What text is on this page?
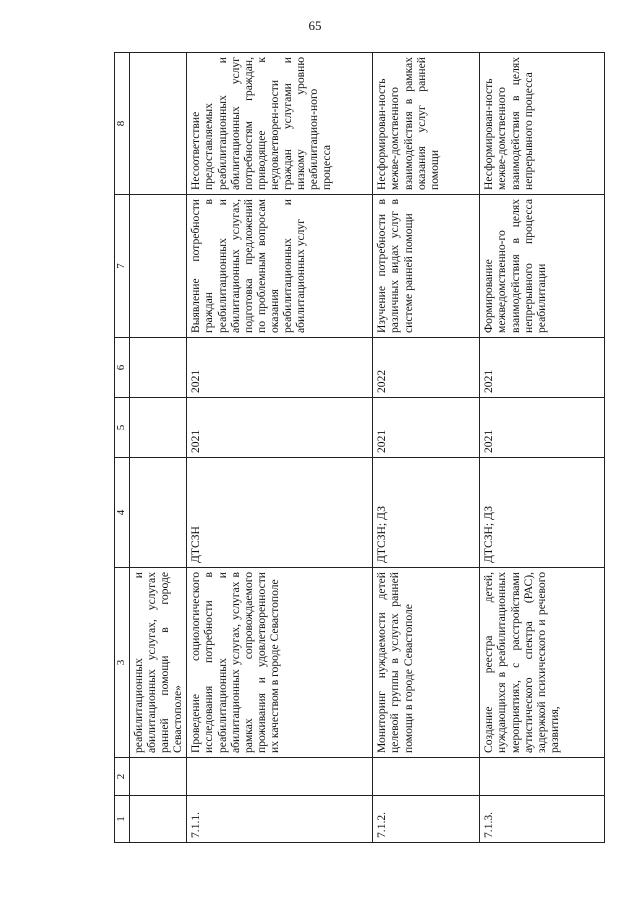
65
1	2	3	4	5	6	7	8
		реабилитационных и абилитационных услугах, услугах ранней помощи в городе Севастополе»					
7.1.1.		Проведение социологического исследования потребности в реабилитационных и абилитационных услугах, услугах в рамках сопровождаемого проживания и удовлетворенности их качеством в городе Севастополе	ДТСЗН	2021	2021	Выявление потребности граждан в реабилитационных и абилитационных услугах, подготовка предложений по проблемным вопросам оказания реабилитационных и абилитационных услуг	Несоответствие предоставляемых реабилитационных и абилитационных услуг потребностям граждан, приводящее к неудовлетворен-ности граждан услугами и низкому уровню реабилитацион-ного процесса
7.1.2.		Мониторинг нуждаемости детей целевой группы в услугах ранней помощи в городе Севастополе	ДТСЗН; ДЗ	2021	2022	Изучение потребности в различных видах услуг в системе ранней помощи	Несформирован-ность межве-домственного взаимодействия в рамках оказания услуг ранней помощи
7.1.3.		Создание реестра детей, нуждающихся в реабилитационных мероприятиях, с расстройствами аутистического спектра (РАС), задержкой психического и речевого развития,	ДТСЗН; ДЗ	2021	2021	Формирование межведомственно-го взаимодействия в целях непрерывного процесса реабилитации	Несформирован-ность межве-домственного взаимодействия в целях непрерывного процесса
